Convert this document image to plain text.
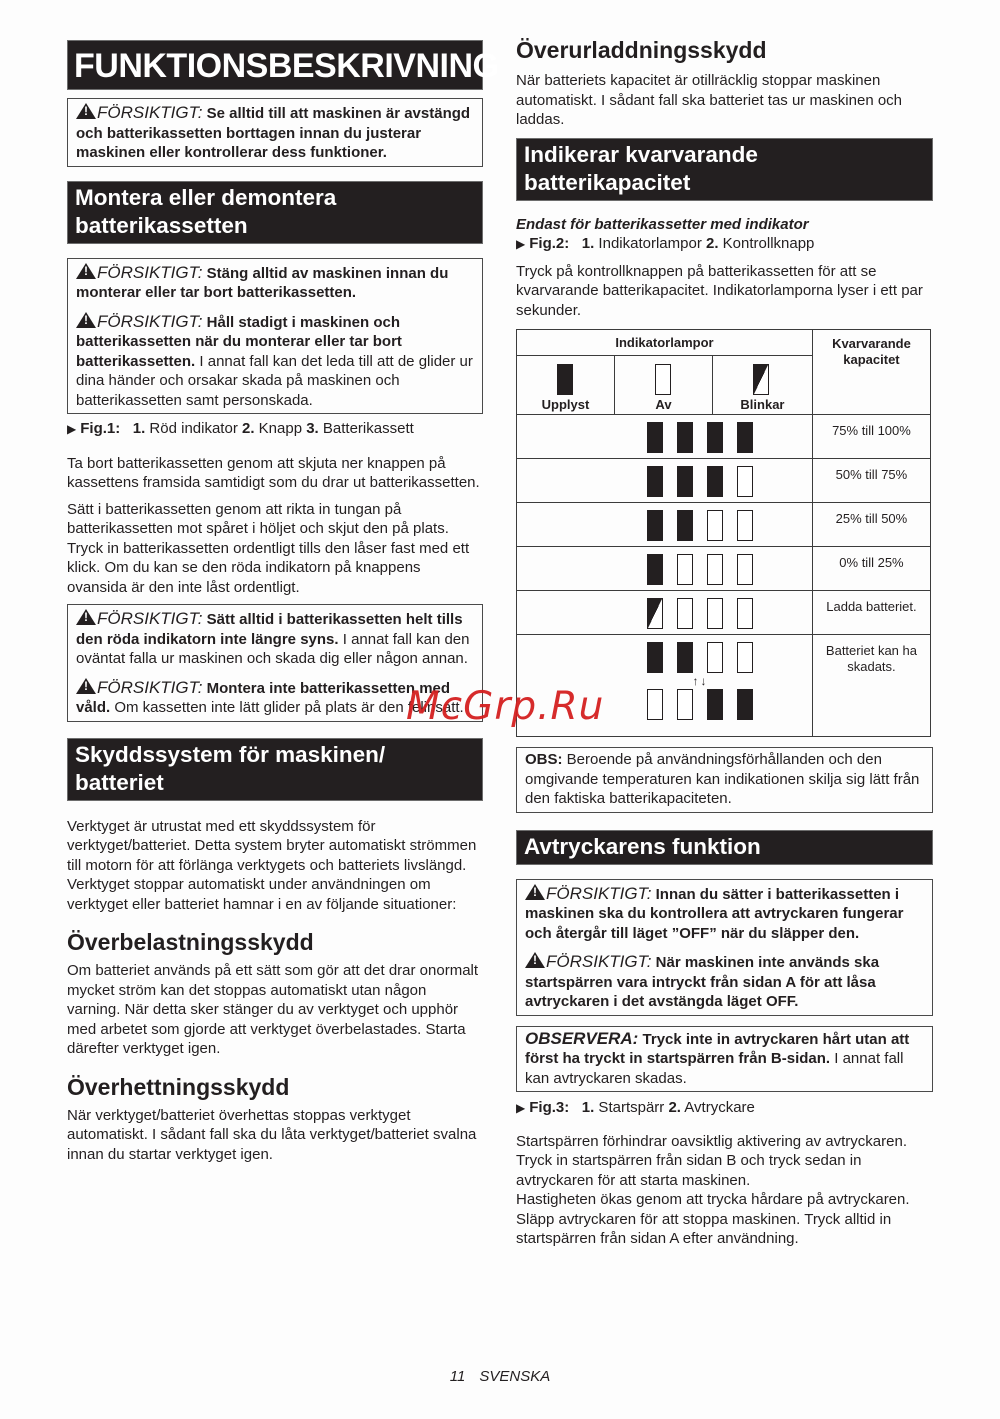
FUNKTIONSBESKRIVNING

!FÖRSIKTIGT: Se alltid till att maskinen är avstängd och batterikassetten borttagen innan du justerar maskinen eller kontrollerar dess funktioner.

Montera eller demontera batterikassetten

!FÖRSIKTIGT: Stäng alltid av maskinen innan du monterar eller tar bort batterikassetten.

!FÖRSIKTIGT: Håll stadigt i maskinen och batterikassetten när du monterar eller tar bort batterikassetten. I annat fall kan det leda till att de glider ur dina händer och orsakar skada på maskinen och batterikassetten samt personskada.

▶ Fig.1: 1. Röd indikator 2. Knapp 3. Batterikassett

Ta bort batterikassetten genom att skjuta ner knappen på kassettens framsida samtidigt som du drar ut batterikassetten.

Sätt i batterikassetten genom att rikta in tungan på batterikassetten mot spåret i höljet och skjut den på plats. Tryck in batterikassetten ordentligt tills den låser fast med ett klick. Om du kan se den röda indikatorn på knappens ovansida är den inte låst ordentligt.

!FÖRSIKTIGT: Sätt alltid i batterikassetten helt tills den röda indikatorn inte längre syns. I annat fall kan den oväntat falla ur maskinen och skada dig eller någon annan.

!FÖRSIKTIGT: Montera inte batterikassetten med våld. Om kassetten inte lätt glider på plats är den felinsatt.

Skyddssystem för maskinen/ batteriet

Verktyget är utrustat med ett skyddssystem för verktyget/batteriet. Detta system bryter automatiskt strömmen till motorn för att förlänga verktygets och batteriets livslängd. Verktyget stoppar automatiskt under användningen om verktyget eller batteriet hamnar i en av följande situationer:

Överbelastningsskydd

Om batteriet används på ett sätt som gör att det drar onormalt mycket ström kan det stoppas automatiskt utan någon varning. När detta sker stänger du av verktyget och upphör med arbetet som gjorde att verktyget överbelastades. Starta därefter verktyget igen.

Överhettningsskydd

När verktyget/batteriet överhettas stoppas verktyget automatiskt. I sådant fall ska du låta verktyget/batteriet svalna innan du startar verktyget igen.

Överurladdningsskydd

När batteriets kapacitet är otillräcklig stoppar maskinen automatiskt. I sådant fall ska batteriet tas ur maskinen och laddas.

Indikerar kvarvarande batterikapacitet

Endast för batterikassetter med indikator

▶ Fig.2: 1. Indikatorlampor 2. Kontrollknapp

Tryck på kontrollknappen på batterikassetten för att se kvarvarande batterikapacitet. Indikatorlamporna lyser i ett par sekunder.

Indikatorlampor			Kvarvarande kapacitet

Upplyst	Av	Blinkar	

			75% till 100%

			50% till 75%

			25% till 50%

			0% till 25%

			Ladda batteriet.

↑↓			Batteriet kan ha skadats.

OBS: Beroende på användningsförhållanden och den omgivande temperaturen kan indikationen skilja sig lätt från den faktiska batterikapaciteten.

Avtryckarens funktion

!FÖRSIKTIGT: Innan du sätter i batterikassetten i maskinen ska du kontrollera att avtryckaren fungerar och återgår till läget ”OFF” när du släpper den.

!FÖRSIKTIGT: När maskinen inte används ska startspärren vara intryckt från sidan A för att låsa avtryckaren i det avstängda läget OFF.

OBSERVERA: Tryck inte in avtryckaren hårt utan att först ha tryckt in startspärren från B-sidan. I annat fall kan avtryckaren skadas.

▶ Fig.3: 1. Startspärr 2. Avtryckare

Startspärren förhindrar oavsiktlig aktivering av avtryckaren.

Tryck in startspärren från sidan B och tryck sedan in avtryckaren för att starta maskinen.

Hastigheten ökas genom att trycka hårdare på avtryckaren. Släpp avtryckaren för att stoppa maskinen. Tryck alltid in startspärren från sidan A efter användning.

11 SVENSKA
McGrp.Ru
